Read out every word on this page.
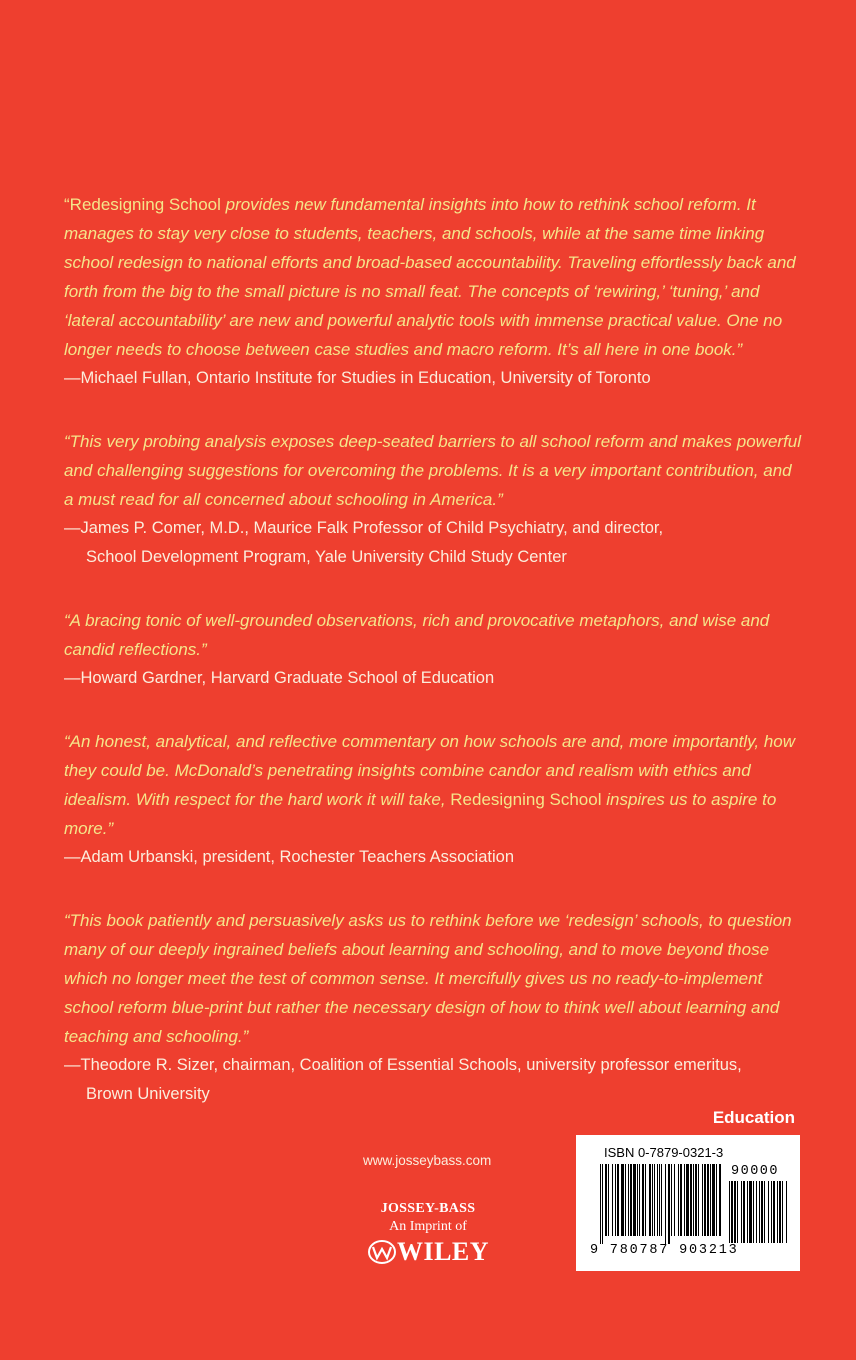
“Redesigning School provides new fundamental insights into how to rethink school reform. It manages to stay very close to students, teachers, and schools, while at the same time linking school redesign to national efforts and broad-based accountability. Traveling effortlessly back and forth from the big to the small picture is no small feat. The concepts of ‘rewiring,’ ‘tuning,’ and ‘lateral accountability’ are new and powerful analytic tools with immense practical value. One no longer needs to choose between case studies and macro reform. It’s all here in one book.”

—Michael Fullan, Ontario Institute for Studies in Education, University of Toronto

“This very probing analysis exposes deep-seated barriers to all school reform and makes powerful and challenging suggestions for overcoming the problems. It is a very important contribution, and a must read for all concerned about schooling in America.”

—James P. Comer, M.D., Maurice Falk Professor of Child Psychiatry, and director,
School Development Program, Yale University Child Study Center

“A bracing tonic of well-grounded observations, rich and provocative metaphors, and wise and candid reflections.”

—Howard Gardner, Harvard Graduate School of Education

“An honest, analytical, and reflective commentary on how schools are and, more importantly, how they could be. McDonald’s penetrating insights combine candor and realism with ethics and idealism. With respect for the hard work it will take, Redesigning School inspires us to aspire to more.”

—Adam Urbanski, president, Rochester Teachers Association

“This book patiently and persuasively asks us to rethink before we ‘redesign’ schools, to question many of our deeply ingrained beliefs about learning and schooling, and to move beyond those which no longer meet the test of common sense. It mercifully gives us no ready-to-implement school reform blue-print but rather the necessary design of how to think well about learning and teaching and schooling.”

—Theodore R. Sizer, chairman, Coalition of Essential Schools, university professor emeritus,
Brown University

Education
www.josseybass.com
JOSSEY-BASS
An Imprint of
WILEY
ISBN 0-7879-0321-3
90000
9 780787 903213
